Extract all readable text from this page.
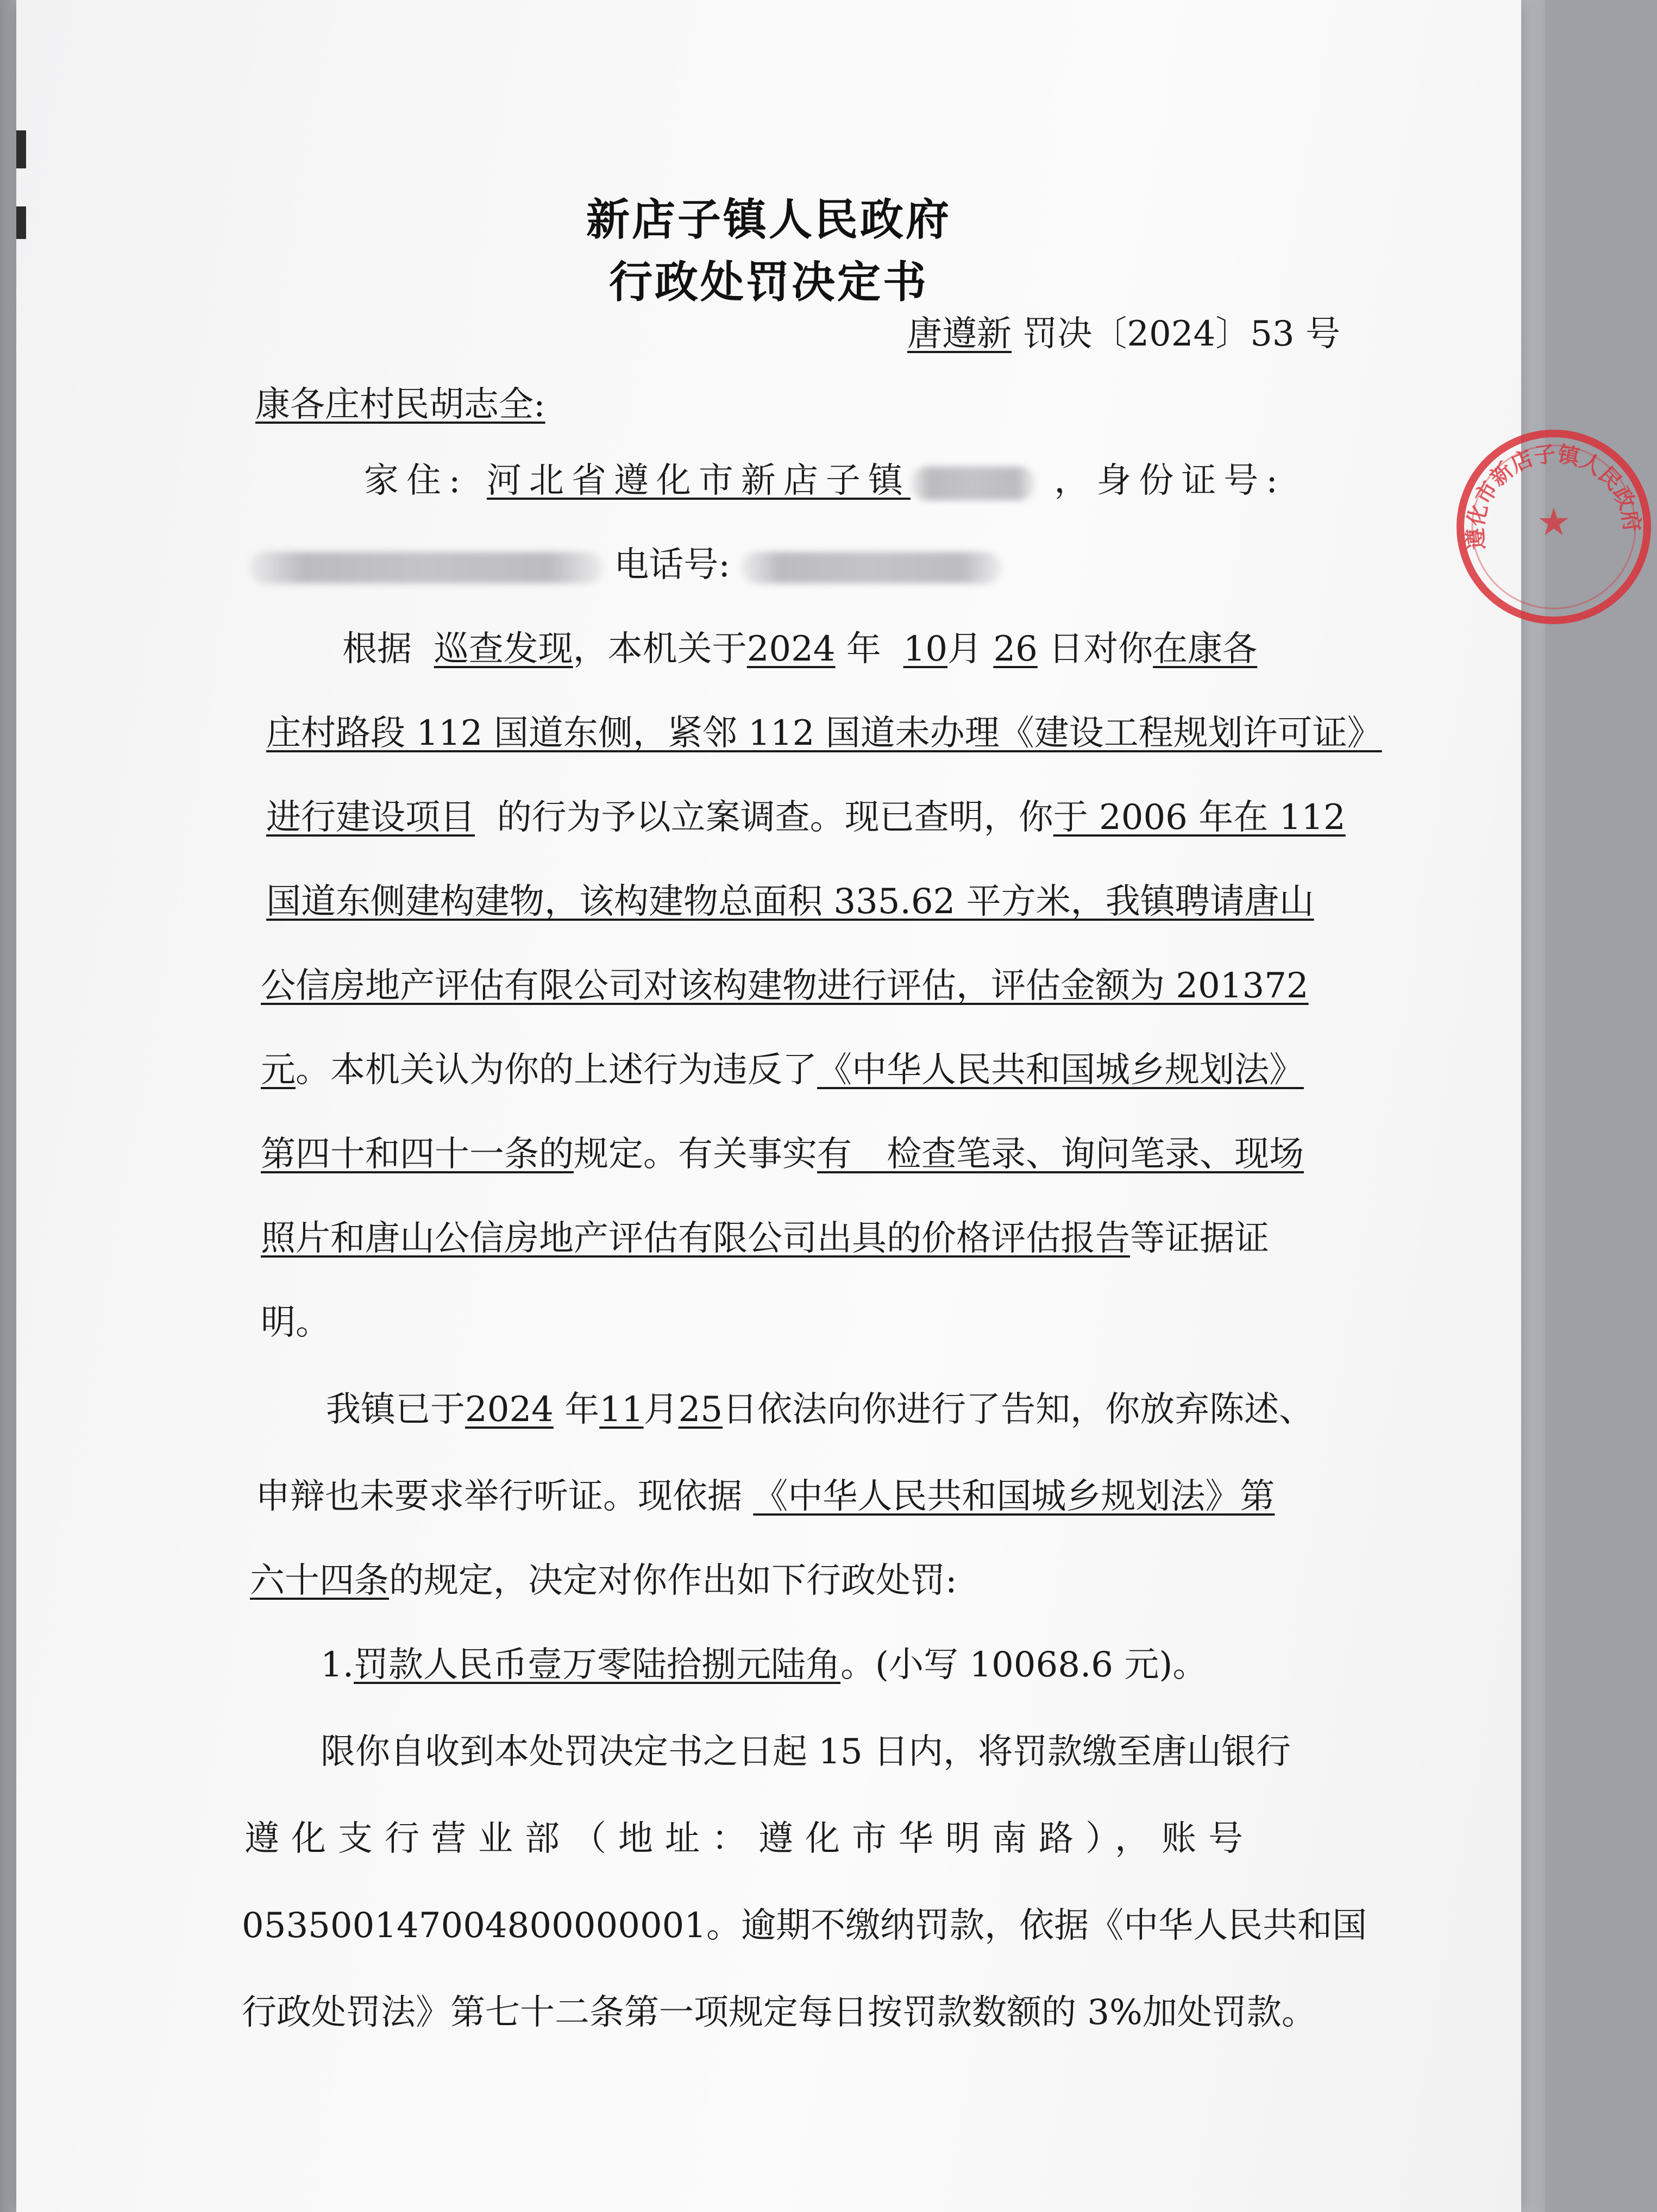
新店子镇人民政府
行政处罚决定书
唐遵新 罚决〔2024〕53 号
康各庄村民胡志全:
家住: 河北省遵化市新店子镇	，身份证号:
电话号:
根据 巡查发现，本机关于2024 年 10月 26 日对你在康各
庄村路段 112 国道东侧，紧邻 112 国道未办理《建设工程规划许可证》
进行建设项目 的行为予以立案调查。现已查明，你于 2006 年在 112
国道东侧建构建物，该构建物总面积 335.62 平方米，我镇聘请唐山
公信房地产评估有限公司对该构建物进行评估，评估金额为 201372
元。本机关认为你的上述行为违反了《中华人民共和国城乡规划法》
第四十和四十一条的规定。有关事实有　检查笔录、询问笔录、现场
照片和唐山公信房地产评估有限公司出具的价格评估报告等证据证
明。
我镇已于2024 年11月25日依法向你进行了告知，你放弃陈述、
申辩也未要求举行听证。现依据 《中华人民共和国城乡规划法》第
六十四条的规定，决定对你作出如下行政处罚:
1.罚款人民币壹万零陆拾捌元陆角。(小写 10068.6 元)。
限你自收到本处罚决定书之日起 15 日内，将罚款缴至唐山银行
遵化支行营业部（地址：遵化市华明南路），账号
053500147004800000001。逾期不缴纳罚款，依据《中华人民共和国
行政处罚法》第七十二条第一项规定每日按罚款数额的 3%加处罚款。
遵化市新店子镇人民政府
★
